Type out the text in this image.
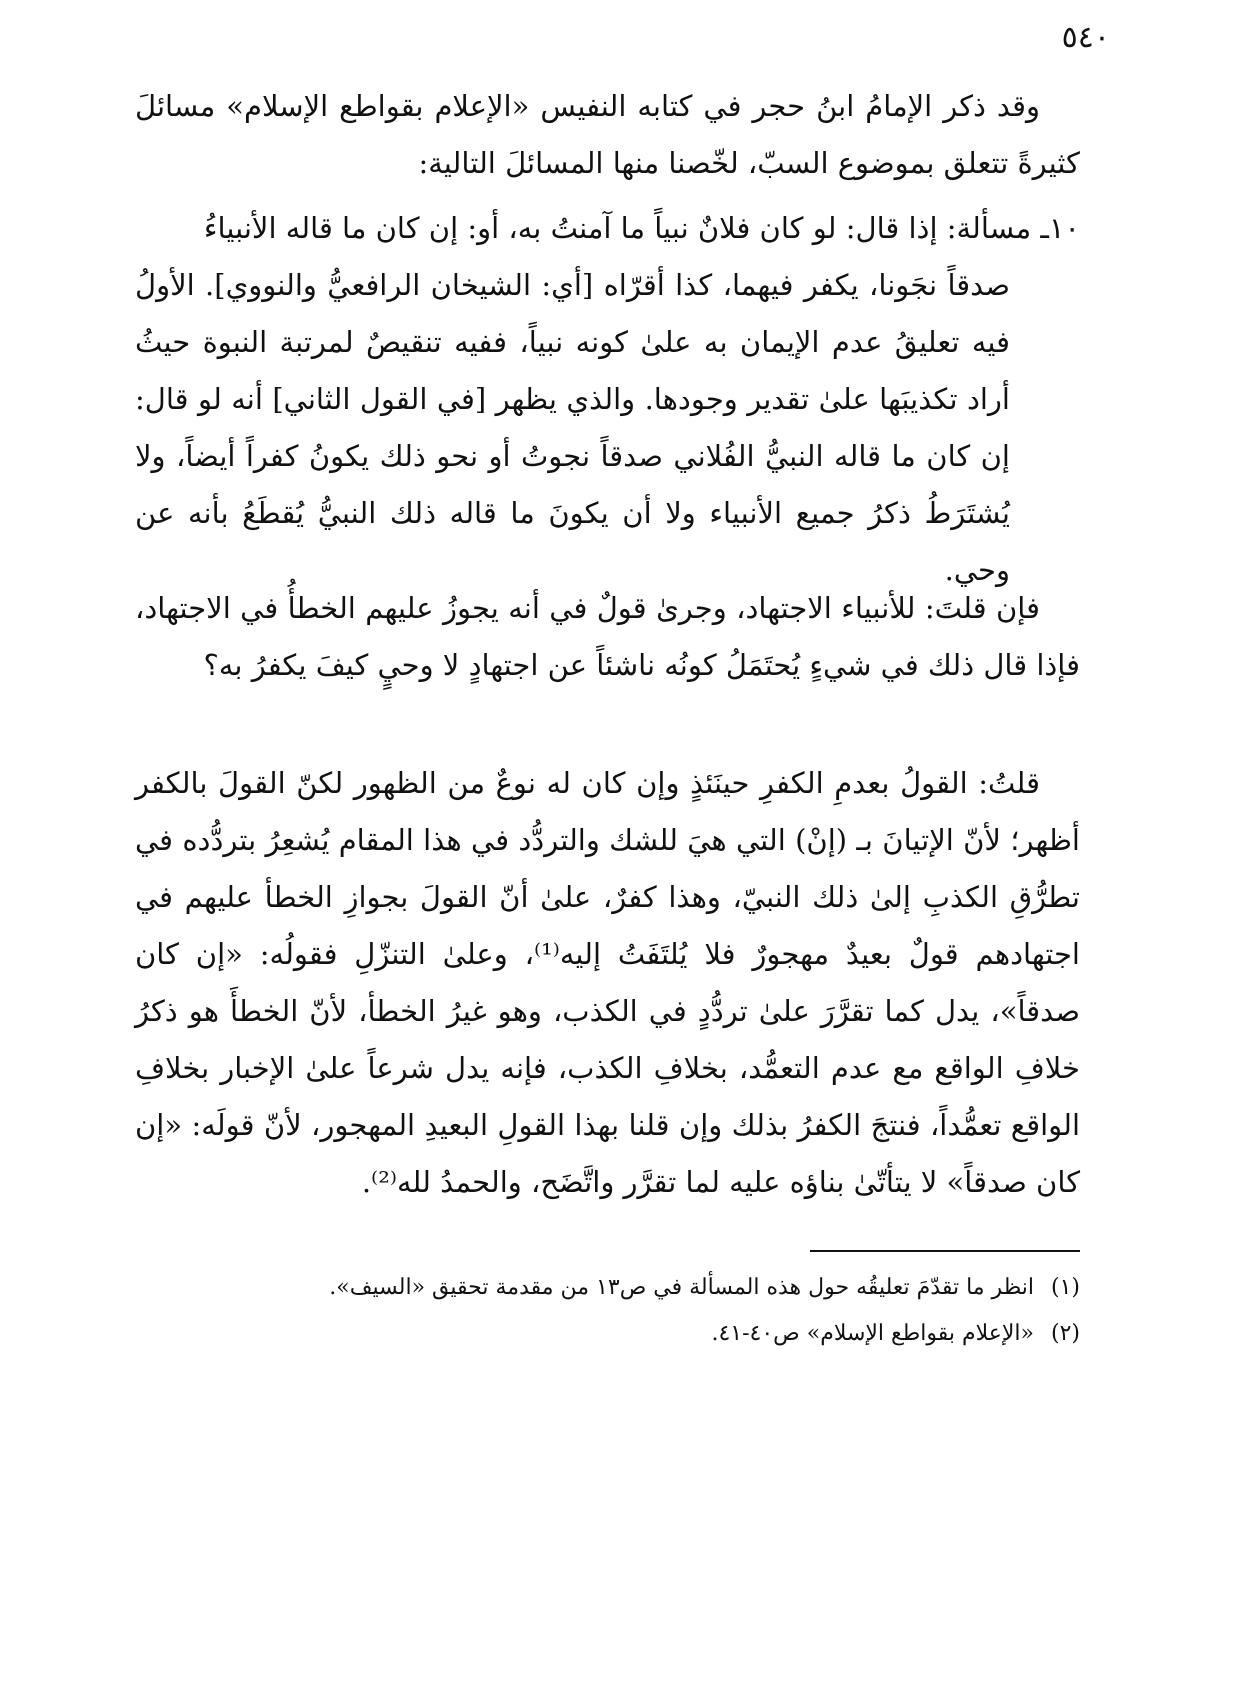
٥٤٠

وقد ذكر الإمامُ ابنُ حجر في كتابه النفيس «الإعلام بقواطع الإسلام» مسائلَ كثيرةً تتعلق بموضوع السبّ، لخّصنا منها المسائلَ التالية:

١٠ـ مسألة: إذا قال: لو كان فلانٌ نبياً ما آمنتُ به، أو: إن كان ما قاله الأنبياءُ
صدقاً نجَونا، يكفر فيهما، كذا أقرّاه [أي: الشيخان الرافعيُّ والنووي]. الأولُ فيه تعليقُ عدم الإيمان به علىٰ كونه نبياً، ففيه تنقيصٌ لمرتبة النبوة حيثُ أراد تكذيبَها علىٰ تقدير وجودها. والذي يظهر [في القول الثاني] أنه لو قال: إن كان ما قاله النبيُّ الفُلاني صدقاً نجوتُ أو نحو ذلك يكونُ كفراً أيضاً، ولا يُشتَرَطُ ذكرُ جميع الأنبياء ولا أن يكونَ ما قاله ذلك النبيُّ يُقطَعُ بأنه عن وحي.

فإن قلتَ: للأنبياء الاجتهاد، وجرىٰ قولٌ في أنه يجوزُ عليهم الخطأُ في الاجتهاد، فإذا قال ذلك في شيءٍ يُحتَمَلُ كونُه ناشئاً عن اجتهادٍ لا وحيٍ كيفَ يكفرُ به؟

قلتُ: القولُ بعدمِ الكفرِ حينَئذٍ وإن كان له نوعٌ من الظهور لكنّ القولَ بالكفر أظهر؛ لأنّ الإتيانَ بـ (إنْ) التي هيَ للشك والتردُّد في هذا المقام يُشعِرُ بتردُّده في تطرُّقِ الكذبِ إلىٰ ذلك النبيّ، وهذا كفرٌ، علىٰ أنّ القولَ بجوازِ الخطأ عليهم في اجتهادهم قولٌ بعيدٌ مهجورٌ فلا يُلتَفَتُ إليه⁽¹⁾، وعلىٰ التنزّلِ فقولُه: «إن كان صدقاً»، يدل كما تقرَّرَ علىٰ تردُّدٍ في الكذب، وهو غيرُ الخطأ، لأنّ الخطأَ هو ذكرُ خلافِ الواقع مع عدم التعمُّد، بخلافِ الكذب، فإنه يدل شرعاً علىٰ الإخبار بخلافِ الواقع تعمُّداً، فنتجَ الكفرُ بذلك وإن قلنا بهذا القولِ البعيدِ المهجور، لأنّ قولَه: «إن كان صدقاً» لا يتأتّىٰ بناؤه عليه لما تقرَّر واتَّضَح، والحمدُ لله⁽²⁾.

(١) انظر ما تقدّمَ تعليقُه حول هذه المسألة في ص١٣ من مقدمة تحقيق «السيف».

(٢) «الإعلام بقواطع الإسلام» ص٤٠-٤١.
